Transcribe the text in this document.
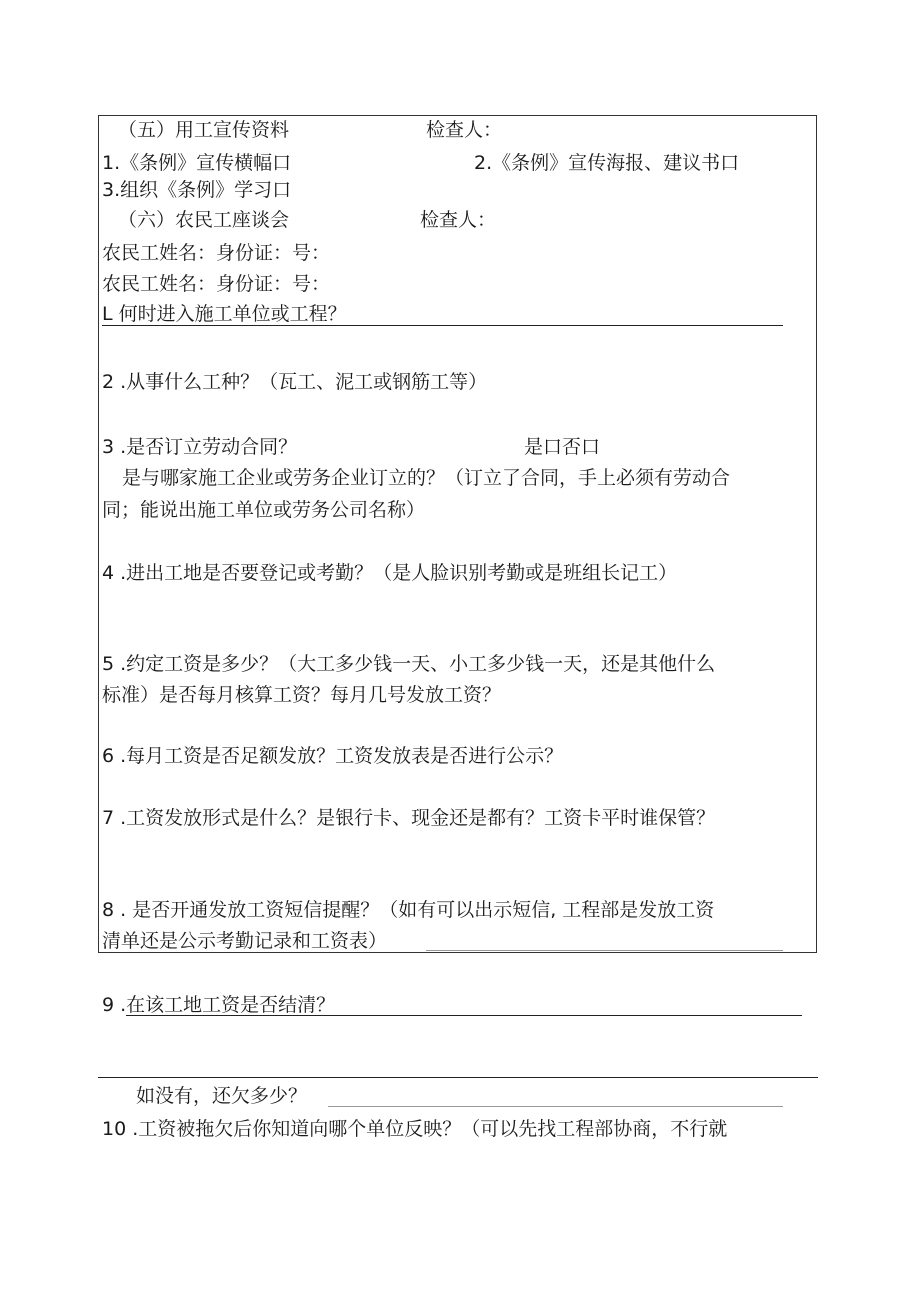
（五）用工宣传资料	检查人：
1.《条例》宣传横幅口	2.《条例》宣传海报、建议书口
3.组织《条例》学习口
（六）农民工座谈会	检查人：
农民工姓名：身份证：号：
农民工姓名：身份证：号：
L 何时进入施工单位或工程？
2 .从事什么工种？（瓦工、泥工或钢筋工等）
3 .是否订立劳动合同？	是口否口
是与哪家施工企业或劳务企业订立的？（订立了合同，手上必须有劳动合
同；能说出施工单位或劳务公司名称）
4 .进出工地是否要登记或考勤？（是人脸识别考勤或是班组长记工）
5 .约定工资是多少？（大工多少钱一天、小工多少钱一天，还是其他什么
标准）是否每月核算工资？每月几号发放工资？
6 .每月工资是否足额发放？工资发放表是否进行公示？
7 .工资发放形式是什么？是银行卡、现金还是都有？工资卡平时谁保管？
8 . 是否开通发放工资短信提醒？（如有可以出示短信, 工程部是发放工资
清单还是公示考勤记录和工资表）
9 .在该工地工资是否结清？
如没有，还欠多少？
10 .工资被拖欠后你知道向哪个单位反映？（可以先找工程部协商，不行就
